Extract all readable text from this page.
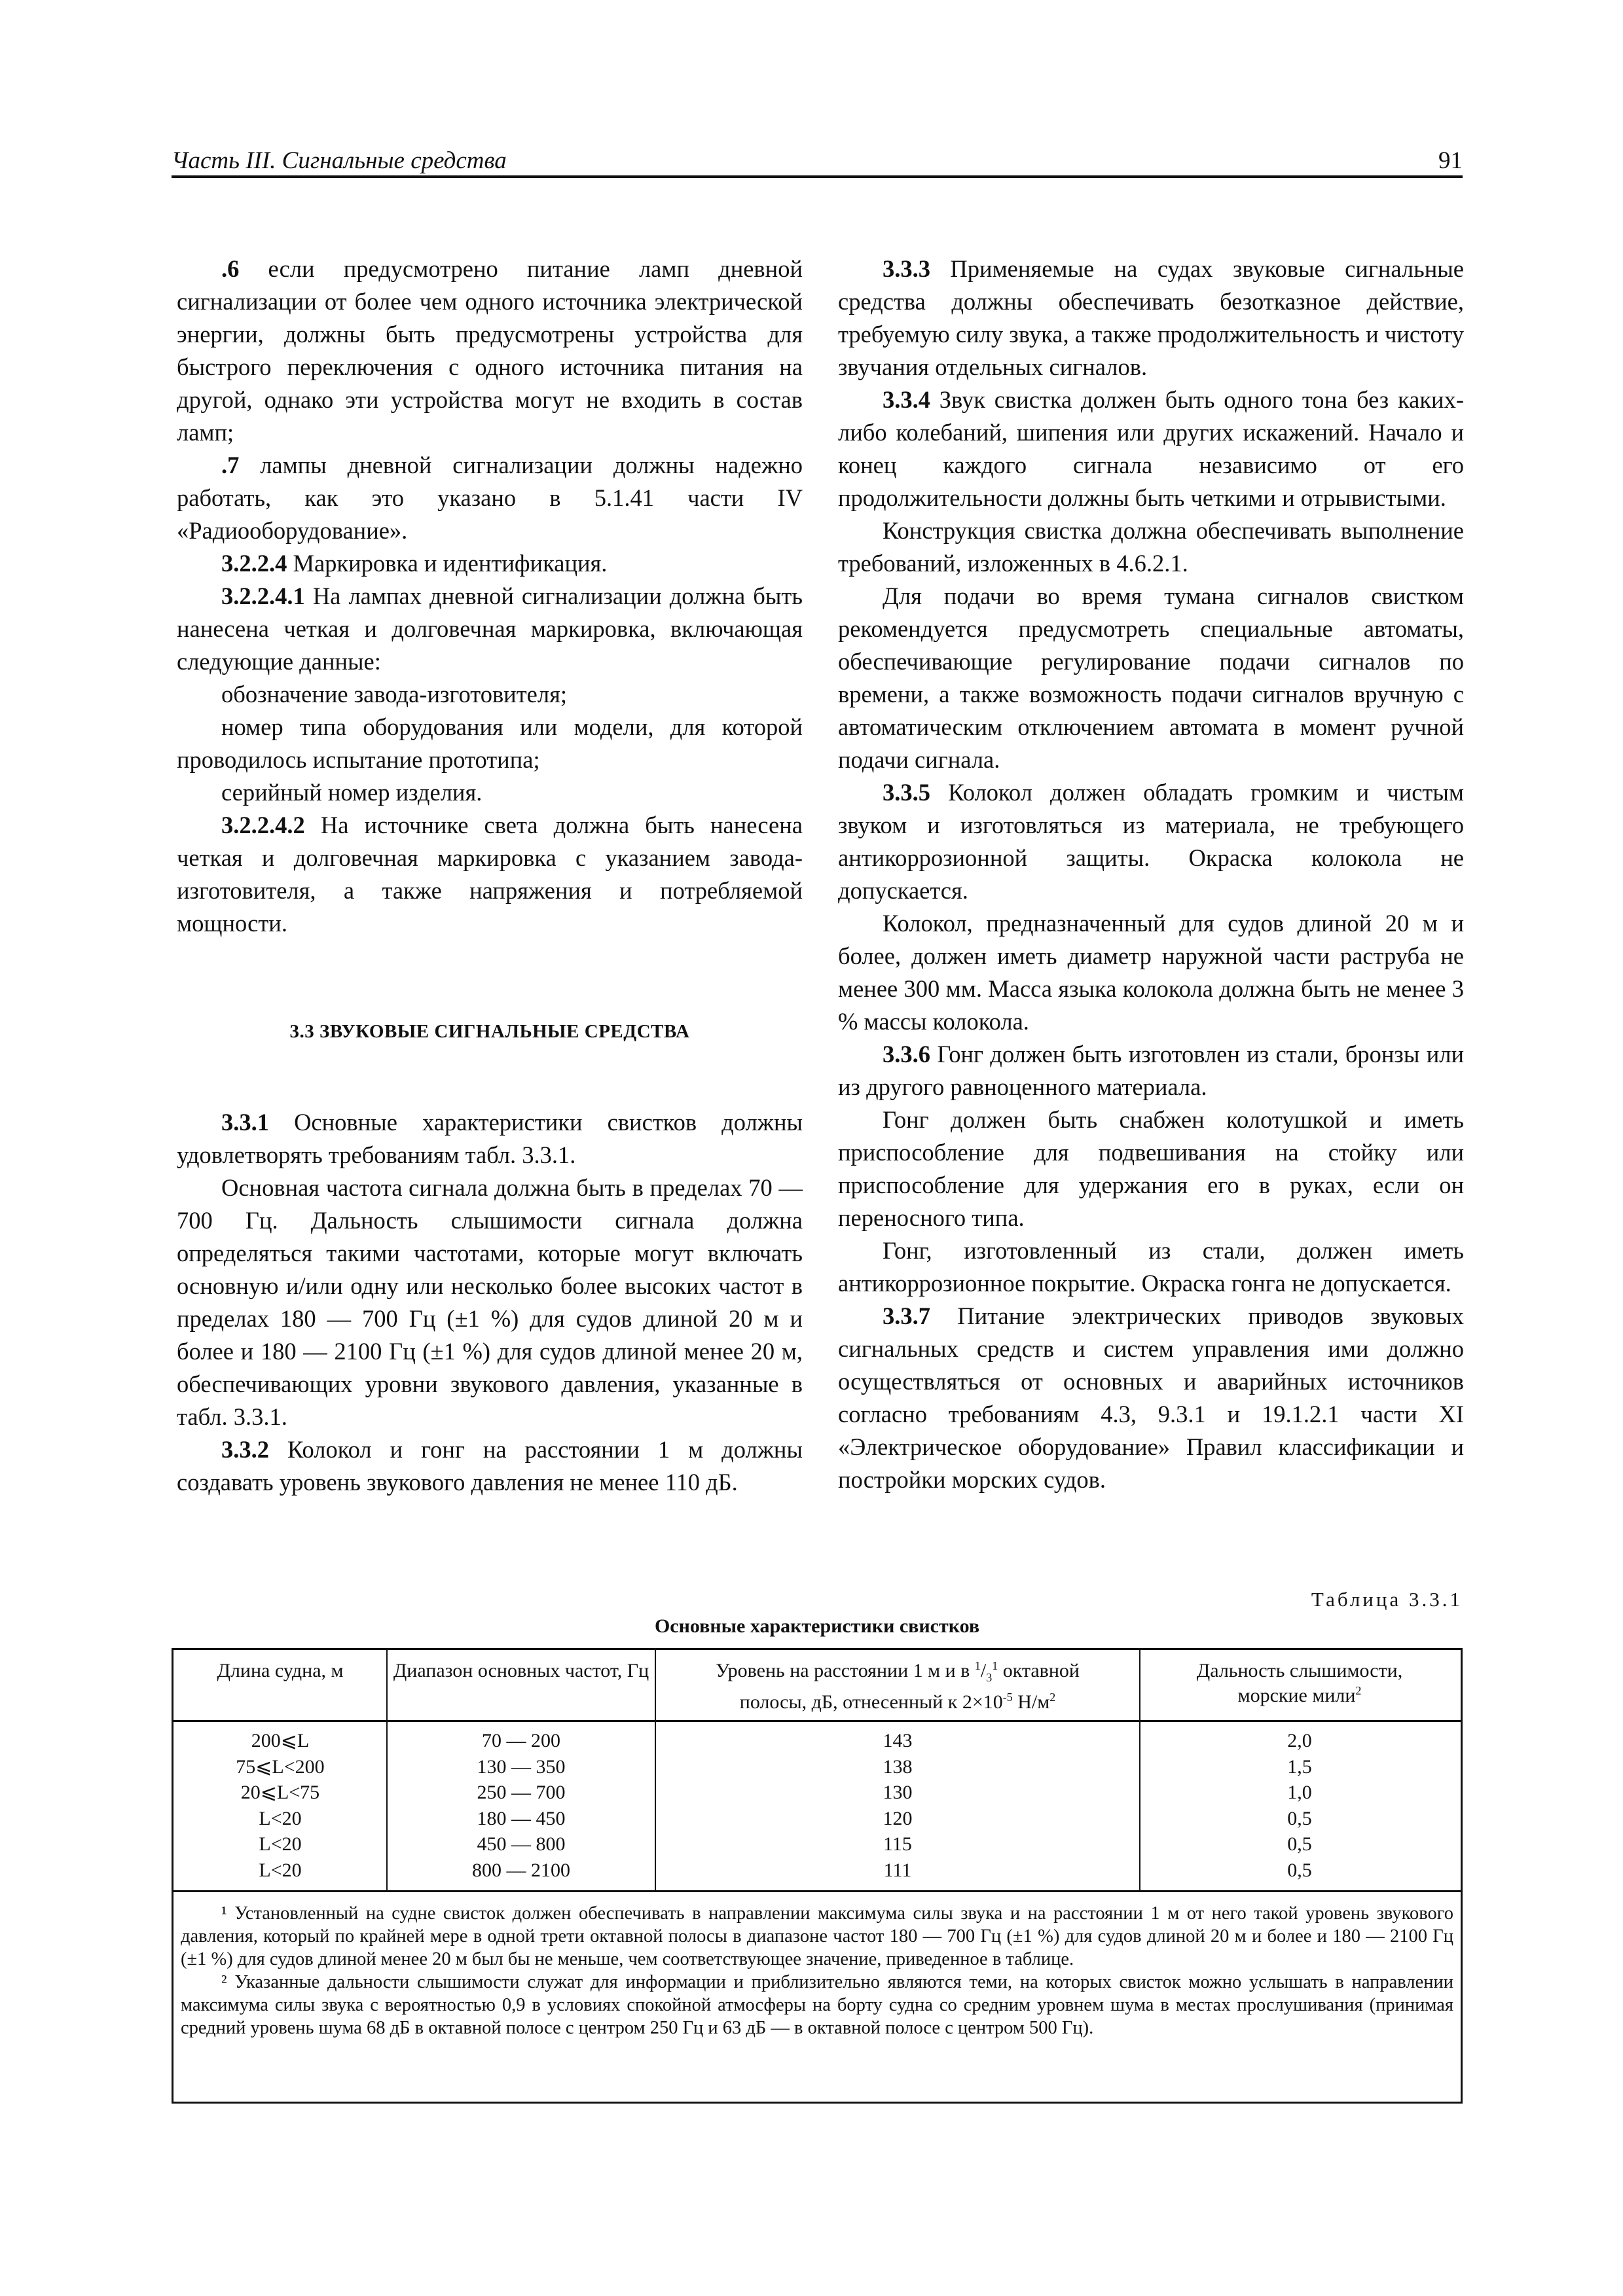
Часть III. Сигнальные средства	91

.6 если предусмотрено питание ламп дневной сигнализации от более чем одного источника электрической энергии, должны быть предусмотрены устройства для быстрого переключения с одного источника питания на другой, однако эти устройства могут не входить в состав ламп;

.7 лампы дневной сигнализации должны надежно работать, как это указано в 5.1.41 части IV «Радиооборудование».

3.2.2.4 Маркировка и идентификация.

3.2.2.4.1 На лампах дневной сигнализации должна быть нанесена четкая и долговечная маркировка, включающая следующие данные:

обозначение завода-изготовителя;

номер типа оборудования или модели, для которой проводилось испытание прототипа;

серийный номер изделия.

3.2.2.4.2 На источнике света должна быть нанесена четкая и долговечная маркировка с указанием завода-изготовителя, а также напряжения и потребляемой мощности.

3.3 ЗВУКОВЫЕ СИГНАЛЬНЫЕ СРЕДСТВА

3.3.1 Основные характеристики свистков должны удовлетворять требованиям табл. 3.3.1.

Основная частота сигнала должна быть в пределах 70 — 700 Гц. Дальность слышимости сигнала должна определяться такими частотами, которые могут включать основную и/или одну или несколько более высоких частот в пределах 180 — 700 Гц (±1 %) для судов длиной 20 м и более и 180 — 2100 Гц (±1 %) для судов длиной менее 20 м, обеспечивающих уровни звукового давления, указанные в табл. 3.3.1.

3.3.2 Колокол и гонг на расстоянии 1 м должны создавать уровень звукового давления не менее 110 дБ.

3.3.3 Применяемые на судах звуковые сигнальные средства должны обеспечивать безотказное действие, требуемую силу звука, а также продолжительность и чистоту звучания отдельных сигналов.

3.3.4 Звук свистка должен быть одного тона без каких-либо колебаний, шипения или других искажений. Начало и конец каждого сигнала независимо от его продолжительности должны быть четкими и отрывистыми.

Конструкция свистка должна обеспечивать выполнение требований, изложенных в 4.6.2.1.

Для подачи во время тумана сигналов свистком рекомендуется предусмотреть специальные автоматы, обеспечивающие регулирование подачи сигналов по времени, а также возможность подачи сигналов вручную с автоматическим отключением автомата в момент ручной подачи сигнала.

3.3.5 Колокол должен обладать громким и чистым звуком и изготовляться из материала, не требующего антикоррозионной защиты. Окраска колокола не допускается.

Колокол, предназначенный для судов длиной 20 м и более, должен иметь диаметр наружной части раструба не менее 300 мм. Масса языка колокола должна быть не менее 3 % массы колокола.

3.3.6 Гонг должен быть изготовлен из стали, бронзы или из другого равноценного материала.

Гонг должен быть снабжен колотушкой и иметь приспособление для подвешивания на стойку или приспособление для удержания его в руках, если он переносного типа.

Гонг, изготовленный из стали, должен иметь антикоррозионное покрытие. Окраска гонга не допускается.

3.3.7 Питание электрических приводов звуковых сигнальных средств и систем управления ими должно осуществляться от основных и аварийных источников согласно требованиям 4.3, 9.3.1 и 19.1.2.1 части XI «Электрическое оборудование» Правил классификации и постройки морских судов.

Таблица 3.3.1
Основные характеристики свистков
Длина судна, м	Диапазон основных частот, Гц	Уровень на расстоянии 1 м и в $^1/_3^1$ октавной
полосы, дБ, отнесенный к $2\times 10^{-5}$ $Н/м^2$
Дальность слышимости,
морские мили$^2$
200⩽L	70 — 200	143	2,0
75⩽L<200	130 — 350	138	1,5
20⩽L<75	250 — 700	130	1,0
L<20	180 — 450	120	0,5
L<20	450 — 800	115	0,5
L<20	800 — 2100	111	0,5

¹ Установленный на судне свисток должен обеспечивать в направлении максимума силы звука и на расстоянии 1 м от него такой уровень звукового давления, который по крайней мере в одной трети октавной полосы в диапазоне частот 180 — 700 Гц (±1 %) для судов длиной 20 м и более и 180 — 2100 Гц (±1 %) для судов длиной менее 20 м был бы не меньше, чем соответствующее значение, приведенное в таблице.

² Указанные дальности слышимости служат для информации и приблизительно являются теми, на которых свисток можно услышать в направлении максимума силы звука с вероятностью 0,9 в условиях спокойной атмосферы на борту судна со средним уровнем шума в местах прослушивания (принимая средний уровень шума 68 дБ в октавной полосе с центром 250 Гц и 63 дБ — в октавной полосе с центром 500 Гц).
